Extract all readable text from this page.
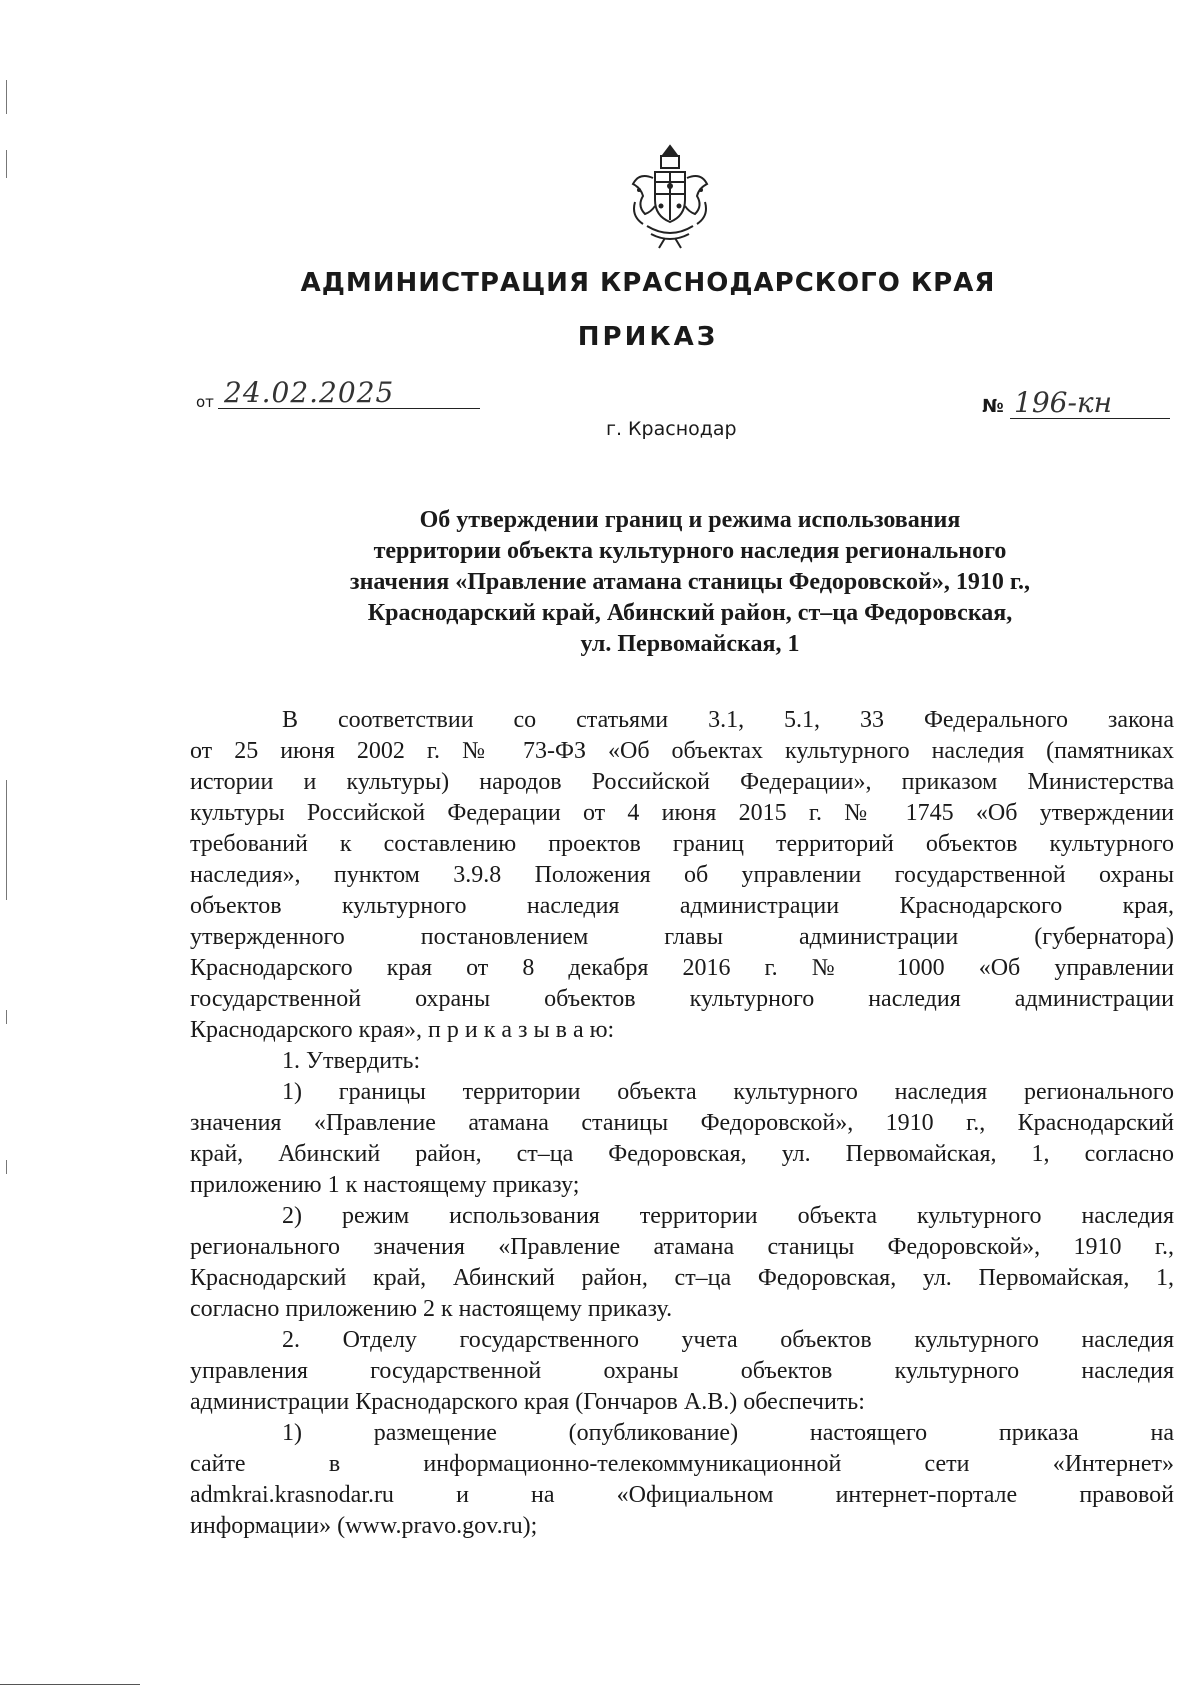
АДМИНИСТРАЦИЯ КРАСНОДАРСКОГО КРАЯ
ПРИКАЗ
от 24.02.2025	№ 196-кн
г. Краснодар
Об утверждении границ и режима использования
территории объекта культурного наследия регионального
значения «Правление атамана станицы Федоровской», 1910 г.,
Краснодарский край, Абинский район, ст–ца Федоровская,
ул. Первомайская, 1
В соответствии со статьями 3.1, 5.1, 33 Федерального закона
от 25 июня 2002 г. № 73-ФЗ «Об объектах культурного наследия (памятниках
истории и культуры) народов Российской Федерации», приказом Министерства
культуры Российской Федерации от 4 июня 2015 г. № 1745 «Об утверждении
требований к составлению проектов границ территорий объектов культурного
наследия», пунктом 3.9.8 Положения об управлении государственной охраны
объектов культурного наследия администрации Краснодарского края,
утвержденного постановлением главы администрации (губернатора)
Краснодарского края от 8 декабря 2016 г. № 1000 «Об управлении
государственной охраны объектов культурного наследия администрации
Краснодарского края», п р и к а з ы в а ю:
1. Утвердить:
1) границы территории объекта культурного наследия регионального
значения «Правление атамана станицы Федоровской», 1910 г., Краснодарский
край, Абинский район, ст–ца Федоровская, ул. Первомайская, 1, согласно
приложению 1 к настоящему приказу;
2) режим использования территории объекта культурного наследия
регионального значения «Правление атамана станицы Федоровской», 1910 г.,
Краснодарский край, Абинский район, ст–ца Федоровская, ул. Первомайская, 1,
согласно приложению 2 к настоящему приказу.
2. Отделу государственного учета объектов культурного наследия
управления государственной охраны объектов культурного наследия
администрации Краснодарского края (Гончаров А.В.) обеспечить:
1) размещение (опубликование) настоящего приказа на
сайте в информационно-телекоммуникационной сети «Интернет»
admkrai.krasnodar.ru и на «Официальном интернет-портале правовой
информации» (www.pravo.gov.ru);
